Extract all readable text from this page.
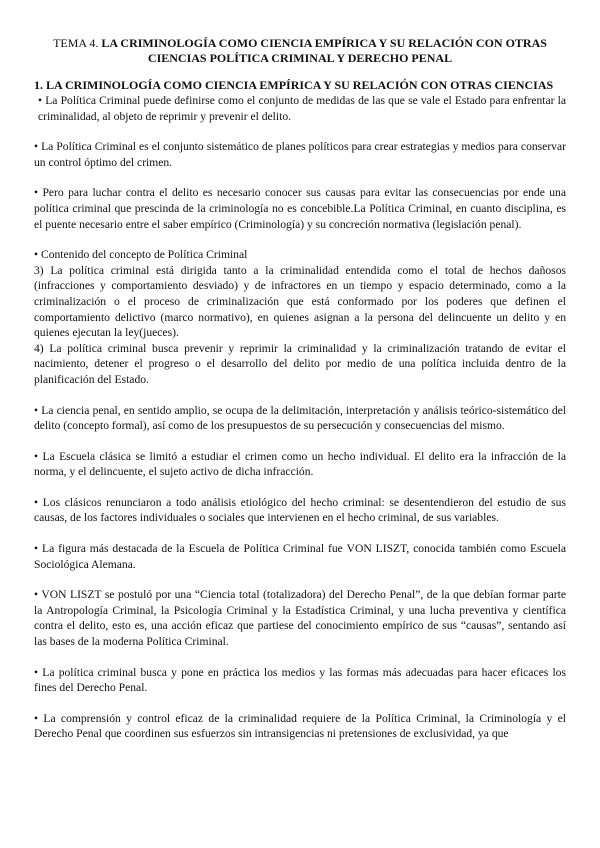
TEMA 4. LA CRIMINOLOGÍA COMO CIENCIA EMPÍRICA Y SU RELACIÓN CON OTRAS CIENCIAS POLÍTICA CRIMINAL Y DERECHO PENAL
1. LA CRIMINOLOGÍA COMO CIENCIA EMPÍRICA Y SU RELACIÓN CON OTRAS CIENCIAS

• La Política Criminal puede definirse como el conjunto de medidas de las que se vale el Estado para enfrentar la criminalidad, al objeto de reprimir y prevenir el delito.

• La Política Criminal es el conjunto sistemático de planes políticos para crear estrategias y medios para conservar un control óptimo del crimen.

• Pero para luchar contra el delito es necesario conocer sus causas para evitar las consecuencias por ende una política criminal que prescinda de la criminología no es concebible.La Política Criminal, en cuanto disciplina, es el puente necesario entre el saber empírico (Criminología) y su concreción normativa (legislación penal).

• Contenido del concepto de Política Criminal

3) La política criminal está dirigida tanto a la criminalidad entendida como el total de hechos dañosos (infracciones y comportamiento desviado) y de infractores en un tiempo y espacio determinado, como a la criminalización o el proceso de criminalización que está conformado por los poderes que definen el comportamiento delictivo (marco normativo), en quienes asignan a la persona del delincuente un delito y en quienes ejecutan la ley(jueces).

4) La política criminal busca prevenir y reprimir la criminalidad y la criminalización tratando de evitar el nacimiento, detener el progreso o el desarrollo del delito por medio de una política incluida dentro de la planificación del Estado.

• La ciencia penal, en sentido amplio, se ocupa de la delimitación, interpretación y análisis teórico-sistemático del delito (concepto formal), así como de los presupuestos de su persecución y consecuencias del mismo.

• La Escuela clásica se limitó a estudiar el crimen como un hecho individual. El delito era la infracción de la norma, y el delincuente, el sujeto activo de dicha infracción.

• Los clásicos renunciaron a todo análisis etiológico del hecho criminal: se desentendieron del estudio de sus causas, de los factores individuales o sociales que intervienen en el hecho criminal, de sus variables.

• La figura más destacada de la Escuela de Política Criminal fue VON LISZT, conocida también como Escuela Sociológica Alemana.

• VON LISZT se postuló por una “Ciencia total (totalizadora) del Derecho Penal”, de la que debían formar parte la Antropología Criminal, la Psicología Criminal y la Estadística Criminal, y una lucha preventiva y científica contra el delito, esto es, una acción eficaz que partiese del conocimiento empírico de sus “causas”, sentando así las bases de la moderna Política Criminal.

• La política criminal busca y pone en práctica los medios y las formas más adecuadas para hacer eficaces los fines del Derecho Penal.

• La comprensión y control eficaz de la criminalidad requiere de la Política Criminal, la Criminología y el Derecho Penal que coordinen sus esfuerzos sin intransigencias ni pretensiones de exclusividad, ya que
